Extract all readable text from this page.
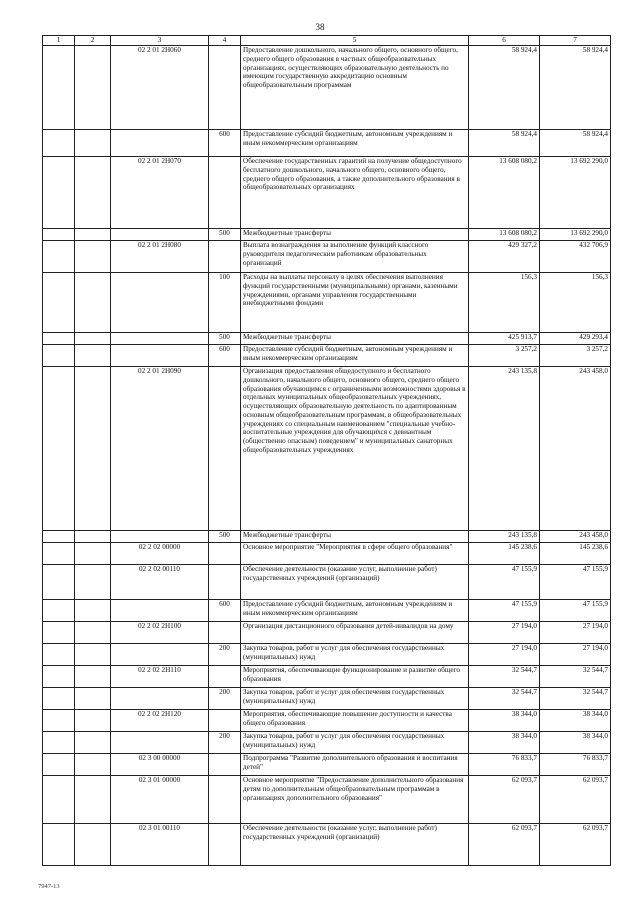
38
1	2	3	4	5	6	7
		02 2 01 2Н060		Предоставление дошкольного, начального общего, основного общего, среднего общего образования в частных общеобразовательных организациях, осуществляющих образовательную деятельность по имеющим государственную аккредитацию основным общеобразовательным программам	58 924,4	58 924,4
			600	Предоставление субсидий бюджетным, автономным учреждениям и иным некоммерческим организациям	58 924,4	58 924,4
		02 2 01 2Н070		Обеспечение государственных гарантий на получение общедоступного бесплатного дошкольного, начального общего, основного общего, среднего общего образования, а также дополнительного образования в общеобразовательных организациях	13 608 080,2	13 692 290,0
			500	Межбюджетные трансферты	13 608 080,2	13 692 290,0
		02 2 01 2Н080		Выплата вознаграждения за выполнение функций классного руководителя педагогическим работникам образовательных организаций	429 327,2	432 706,9
			100	Расходы на выплаты персоналу в целях обеспечения выполнения функций государственными (муниципальными) органами, казенными учреждениями, органами управления государственными внебюджетными фондами	156,3	156,3
			500	Межбюджетные трансферты	425 913,7	429 293,4
			600	Предоставление субсидий бюджетным, автономным учреждениям и иным некоммерческим организациям	3 257,2	3 257,2
		02 2 01 2Н090		Организация предоставления общедоступного и бесплатного дошкольного, начального общего, основного общего, среднего общего образования обучающимся с ограниченными возможностями здоровья в отдельных муниципальных общеобразовательных учреждениях, осуществляющих образовательную деятельность по адаптированным основным общеобразовательным программам, в общеобразовательных учреждениях со специальным наименованием "специальные учебно-воспитательные учреждения для обучающихся с девиантным (общественно опасным) поведением" и муниципальных санаторных общеобразовательных учреждениях	243 135,8	243 458,0
			500	Межбюджетные трансферты	243 135,8	243 458,0
		02 2 02 00000		Основное мероприятие "Мероприятия в сфере общего образования"	145 238,6	145 238,6
		02 2 02 00110		Обеспечение деятельности (оказание услуг, выполнение работ) государственных учреждений (организаций)	47 155,9	47 155,9
			600	Предоставление субсидий бюджетным, автономным учреждениям и иным некоммерческим организациям	47 155,9	47 155,9
		02 2 02 2Н100		Организация дистанционного образования детей-инвалидов на дому	27 194,0	27 194,0
			200	Закупка товаров, работ и услуг для обеспечения государственных (муниципальных) нужд	27 194,0	27 194,0
		02 2 02 2Н110		Мероприятия, обеспечивающие функционирование и развитие общего образования	32 544,7	32 544,7
			200	Закупка товаров, работ и услуг для обеспечения государственных (муниципальных) нужд	32 544,7	32 544,7
		02 2 02 2Н120		Мероприятия, обеспечивающие повышение доступности и качества общего образования	38 344,0	38 344,0
			200	Закупка товаров, работ и услуг для обеспечения государственных (муниципальных) нужд	38 344,0	38 344,0
		02 3 00 00000		Подпрограмма "Развитие дополнительного образования и воспитания детей"	76 833,7	76 833,7
		02 3 01 00000		Основное мероприятие "Предоставление дополнительного образования детям по дополнительным общеобразовательным программам в организациях дополнительного образования"	62 093,7	62 093,7
		02 3 01 00110		Обеспечение деятельности (оказание услуг, выполнение работ) государственных учреждений (организаций)	62 093,7	62 093,7
7947-13
